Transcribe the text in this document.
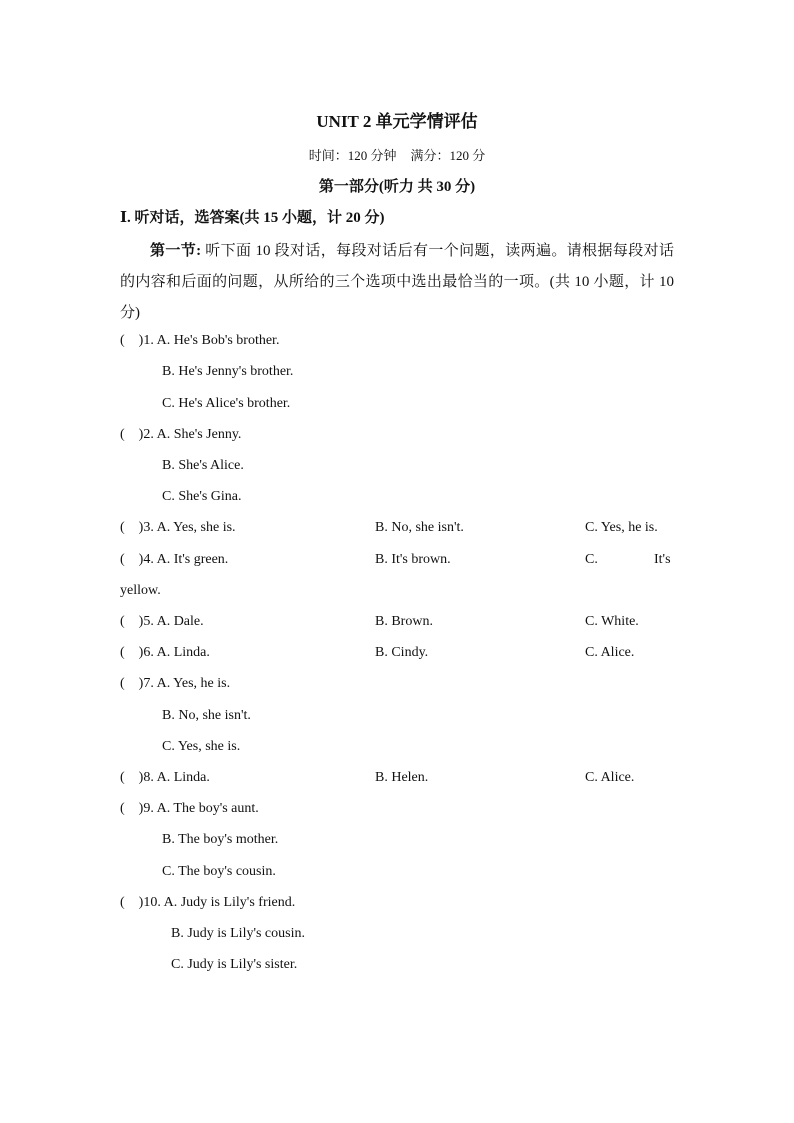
UNIT 2 单元学情评估
时间：120 分钟 满分：120 分
第一部分(听力 共 30 分)
Ⅰ. 听对话，选答案(共 15 小题，计 20 分)
第一节: 听下面 10 段对话，每段对话后有一个问题，读两遍。请根据每段对话的内容和后面的问题，从所给的三个选项中选出最恰当的一项。(共 10 小题，计 10 分)
( )1. A. He's Bob's brother.
B. He's Jenny's brother.
C. He's Alice's brother.
( )2. A. She's Jenny.
B. She's Alice.
C. She's Gina.
( )3. A. Yes, she is.	B. No, she isn't.	C. Yes, he is.
( )4. A. It's green.	B. It's brown.	C.	It's
yellow.
( )5. A. Dale.	B. Brown.	C. White.
( )6. A. Linda.	B. Cindy.	C. Alice.
( )7. A. Yes, he is.
B. No, she isn't.
C. Yes, she is.
( )8. A. Linda.	B. Helen.	C. Alice.
( )9. A. The boy's aunt.
B. The boy's mother.
C. The boy's cousin.
( )10. A. Judy is Lily's friend.
B. Judy is Lily's cousin.
C. Judy is Lily's sister.
